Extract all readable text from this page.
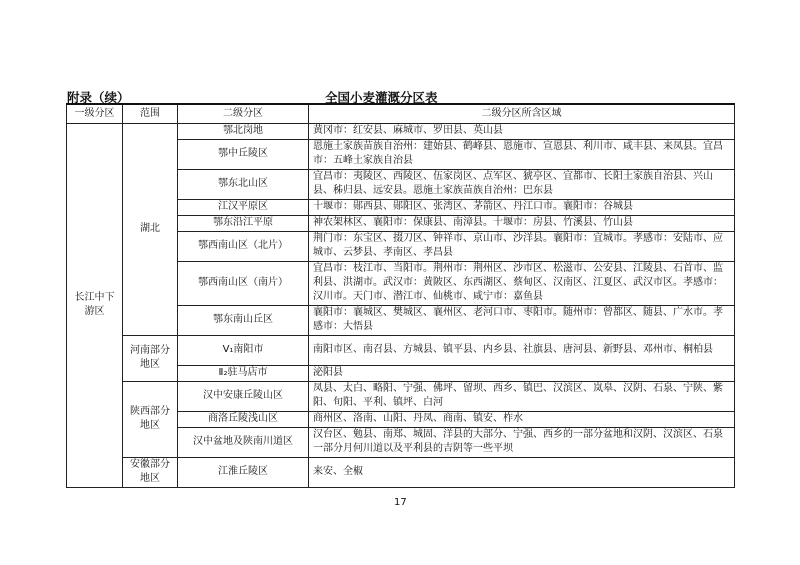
附录（续）	全国小麦灌溉分区表
一级分区	范围	二级分区	二级分区所含区域
长江中下游区	湖北	鄂北岗地	黄冈市：红安县、麻城市、罗田县、英山县
		鄂中丘陵区	恩施土家族苗族自治州：建始县、鹤峰县、恩施市、宣恩县、利川市、咸丰县、来凤县。宜昌市：五峰土家族自治县
		鄂东北山区	宜昌市：夷陵区、西陵区、伍家岗区、点军区、猇亭区、宜都市、长阳土家族自治县、兴山县、秭归县、远安县。恩施土家族苗族自治州：巴东县
		江汉平原区	十堰市：郧西县、郧阳区、张湾区、茅箭区、丹江口市。襄阳市：谷城县
		鄂东沿江平原	神农架林区、襄阳市：保康县、南漳县。十堰市：房县、竹溪县、竹山县
		鄂西南山区（北片）	荆门市：东宝区、掇刀区、钟祥市、京山市、沙洋县。襄阳市：宜城市。孝感市：安陆市、应城市、云梦县、孝南区、孝昌县
		鄂西南山区（南片）	宜昌市：枝江市、当阳市。荆州市：荆州区、沙市区、松滋市、公安县、江陵县、石首市、监利县、洪湖市。武汉市：黄陂区、东西湖区、蔡甸区、汉南区、江夏区、武汉市区。孝感市：汉川市。天门市、潜江市、仙桃市、咸宁市：嘉鱼县
		鄂东南山丘区	襄阳市：襄城区、樊城区、襄州区、老河口市、枣阳市。随州市：曾都区、随县、广水市。孝感市：大悟县
	河南部分地区	V₁南阳市	南阳市区、南召县、方城县、镇平县、内乡县、社旗县、唐河县、新野县、邓州市、桐柏县
		Ⅱ₂驻马店市	泌阳县
	陕西部分地区	汉中安康丘陵山区	凤县、太白、略阳、宁强、佛坪、留坝、西乡、镇巴、汉滨区、岚皋、汉阴、石泉、宁陕、紫阳、旬阳、平利、镇坪、白河
		商洛丘陵浅山区	商州区、洛南、山阳、丹凤、商南、镇安、柞水
		汉中盆地及陕南川道区	汉台区、勉县、南郑、城固、洋县的大部分、宁强、西乡的一部分盆地和汉阴、汉滨区、石泉一部分月何川道以及平利县的吉阴等一些平坝
	安徽部分地区	江淮丘陵区	来安、全椒
17
